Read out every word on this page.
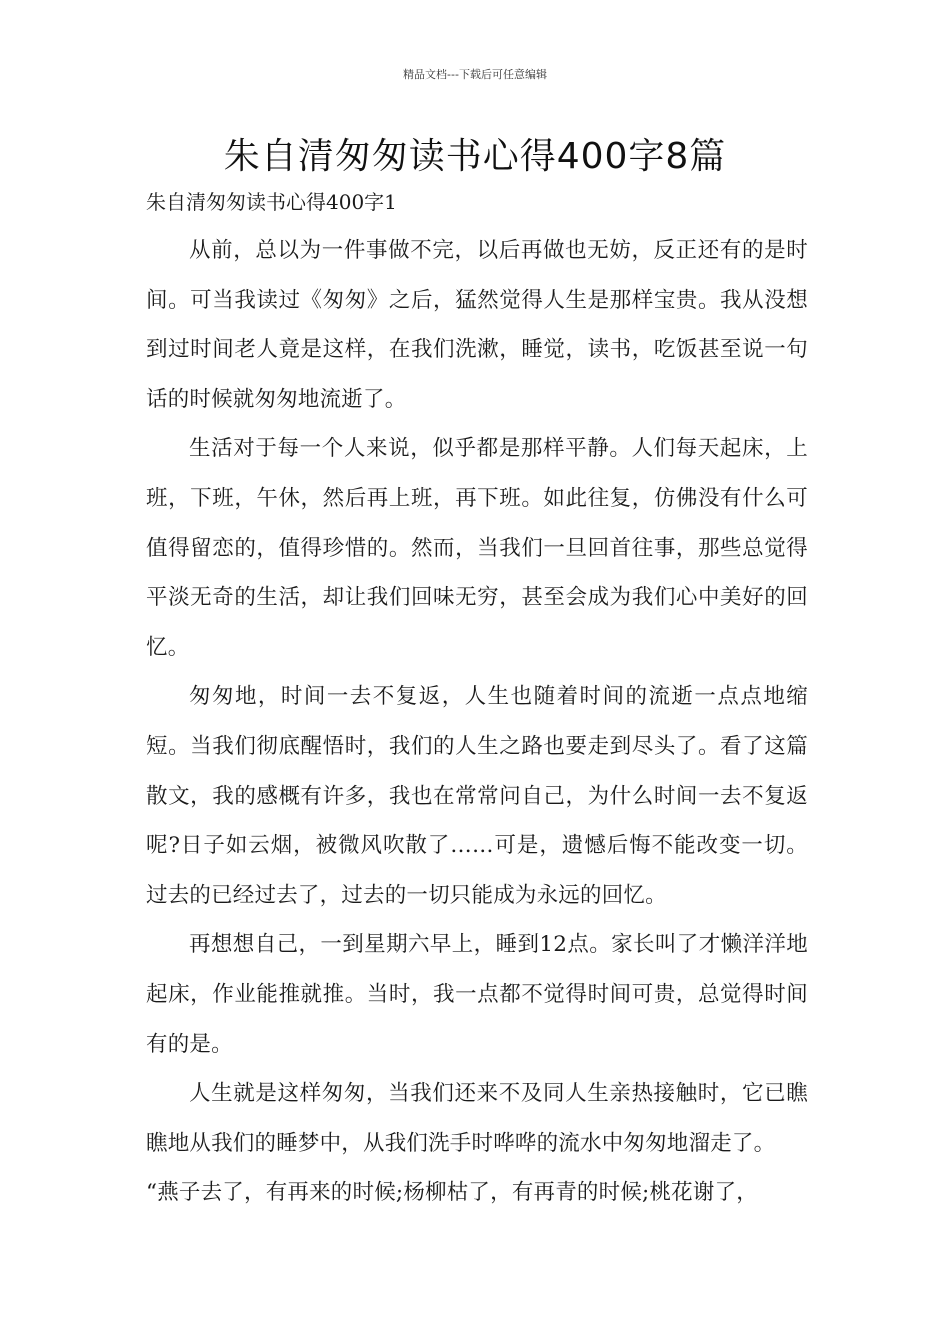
精品文档---下载后可任意编辑
朱自清匆匆读书心得400字8篇
朱自清匆匆读书心得400字1

从前，总以为一件事做不完，以后再做也无妨，反正还有的是时间。可当我读过《匆匆》之后，猛然觉得人生是那样宝贵。我从没想到过时间老人竟是这样，在我们洗漱，睡觉，读书，吃饭甚至说一句话的时候就匆匆地流逝了。

生活对于每一个人来说，似乎都是那样平静。人们每天起床，上班，下班，午休，然后再上班，再下班。如此往复，仿佛没有什么可值得留恋的，值得珍惜的。然而，当我们一旦回首往事，那些总觉得平淡无奇的生活，却让我们回味无穷，甚至会成为我们心中美好的回忆。

匆匆地，时间一去不复返，人生也随着时间的流逝一点点地缩短。当我们彻底醒悟时，我们的人生之路也要走到尽头了。看了这篇散文，我的感概有许多，我也在常常问自己，为什么时间一去不复返呢?日子如云烟，被微风吹散了……可是，遗憾后悔不能改变一切。过去的已经过去了，过去的一切只能成为永远的回忆。

再想想自己，一到星期六早上，睡到12点。家长叫了才懒洋洋地起床，作业能推就推。当时，我一点都不觉得时间可贵，总觉得时间有的是。

人生就是这样匆匆，当我们还来不及同人生亲热接触时，它已瞧瞧地从我们的睡梦中，从我们洗手时哗哗的流水中匆匆地溜走了。

“燕子去了，有再来的时候;杨柳枯了，有再青的时候;桃花谢了，
